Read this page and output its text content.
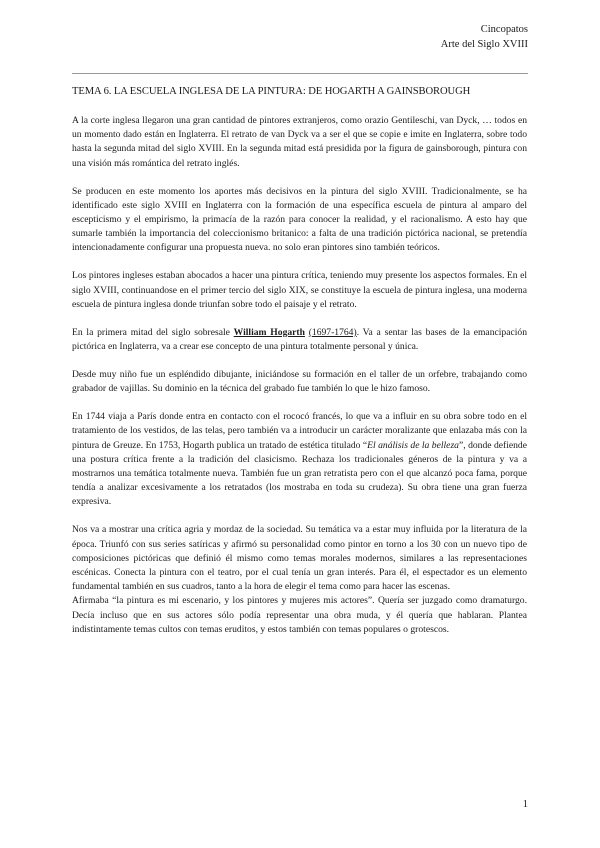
Cincopatos
Arte del Siglo XVIII
TEMA 6. LA ESCUELA INGLESA DE LA PINTURA: DE HOGARTH A GAINSBOROUGH

A la corte inglesa llegaron una gran cantidad de pintores extranjeros, como orazio Gentileschi, van Dyck, … todos en un momento dado están en Inglaterra. El retrato de van Dyck va a ser el que se copie e imite en Inglaterra, sobre todo hasta la segunda mitad del siglo XVIII. En la segunda mitad está presidida por la figura de gainsborough, pintura con una visión más romántica del retrato inglés.

Se producen en este momento los aportes más decisivos en la pintura del siglo XVIII. Tradicionalmente, se ha identificado este siglo XVIII en Inglaterra con la formación de una específica escuela de pintura al amparo del escepticismo y el empirismo, la primacía de la razón para conocer la realidad, y el racionalismo. A esto hay que sumarle también la importancia del coleccionismo britanico: a falta de una tradición pictórica nacional, se pretendía intencionadamente configurar una propuesta nueva. no solo eran pintores sino también teóricos.

Los pintores ingleses estaban abocados a hacer una pintura crítica, teniendo muy presente los aspectos formales. En el siglo XVIII, continuandose en el primer tercio del siglo XIX, se constituye la escuela de pintura inglesa, una moderna escuela de pintura inglesa donde triunfan sobre todo el paisaje y el retrato.

En la primera mitad del siglo sobresale William Hogarth (1697-1764). Va a sentar las bases de la emancipación pictórica en Inglaterra, va a crear ese concepto de una pintura totalmente personal y única.

Desde muy niño fue un espléndido dibujante, iniciándose su formación en el taller de un orfebre, trabajando como grabador de vajillas. Su dominio en la técnica del grabado fue también lo que le hizo famoso.

En 1744 viaja a París donde entra en contacto con el rococó francés, lo que va a influir en su obra sobre todo en el tratamiento de los vestidos, de las telas, pero también va a introducir un carácter moralizante que enlazaba más con la pintura de Greuze. En 1753, Hogarth publica un tratado de estética titulado “El análisis de la belleza”, donde defiende una postura crítica frente a la tradición del clasicismo. Rechaza los tradicionales géneros de la pintura y va a mostrarnos una temática totalmente nueva. También fue un gran retratista pero con el que alcanzó poca fama, porque tendía a analizar excesivamente a los retratados (los mostraba en toda su crudeza). Su obra tiene una gran fuerza expresiva.

Nos va a mostrar una crítica agria y mordaz de la sociedad. Su temática va a estar muy influida por la literatura de la época. Triunfó con sus series satíricas y afirmó su personalidad como pintor en torno a los 30 con un nuevo tipo de composiciones pictóricas que definió él mismo como temas morales modernos, similares a las representaciones escénicas. Conecta la pintura con el teatro, por el cual tenía un gran interés. Para él, el espectador es un elemento fundamental también en sus cuadros, tanto a la hora de elegir el tema como para hacer las escenas.

Afirmaba “la pintura es mi escenario, y los pintores y mujeres mis actores”. Quería ser juzgado como dramaturgo. Decía incluso que en sus actores sólo podía representar una obra muda, y él quería que hablaran. Plantea indistintamente temas cultos con temas eruditos, y estos también con temas populares o grotescos.

1
